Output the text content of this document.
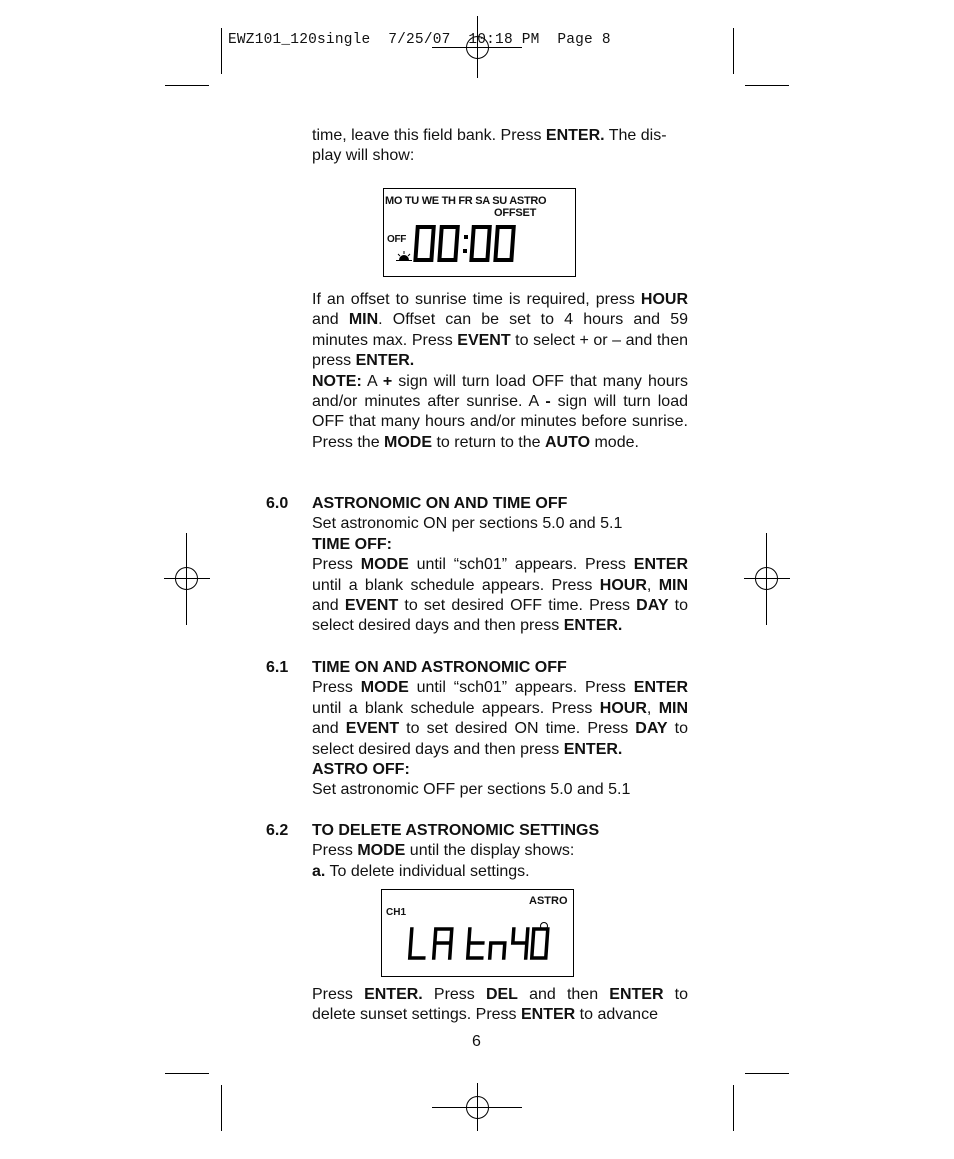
EWZ101_120single  7/25/07  10:18 PM  Page 8
time, leave this field bank. Press ENTER. The dis-
play will show:
MO TU WE TH FR SA SU ASTRO
OFFSET
OFF

If an offset to sunrise time is required, press HOUR and MIN. Offset can be set to 4 hours and 59 minutes max. Press EVENT to select + or – and then press ENTER.

NOTE: A + sign will turn load OFF that many hours and/or minutes after sunrise. A - sign will turn load OFF that many hours and/or minutes before sunrise. Press the MODE to return to the AUTO mode.

6.0 ASTRONOMIC ON AND TIME OFF
Set astronomic ON per sections 5.0 and 5.1
TIME OFF:

Press MODE until “sch01” appears. Press ENTER until a blank schedule appears. Press HOUR, MIN and EVENT to set desired OFF time. Press DAY to select desired days and then press ENTER.

6.1 TIME ON AND ASTRONOMIC OFF

Press MODE until “sch01” appears. Press ENTER until a blank schedule appears. Press HOUR, MIN and EVENT to set desired ON time. Press DAY to select desired days and then press ENTER.

ASTRO OFF:
Set astronomic OFF per sections 5.0 and 5.1
6.2 TO DELETE ASTRONOMIC SETTINGS
Press MODE until the display shows:
a. To delete individual settings.
ASTRO
CH1

Press ENTER. Press DEL and then ENTER to delete sunset settings. Press ENTER to advance

6
